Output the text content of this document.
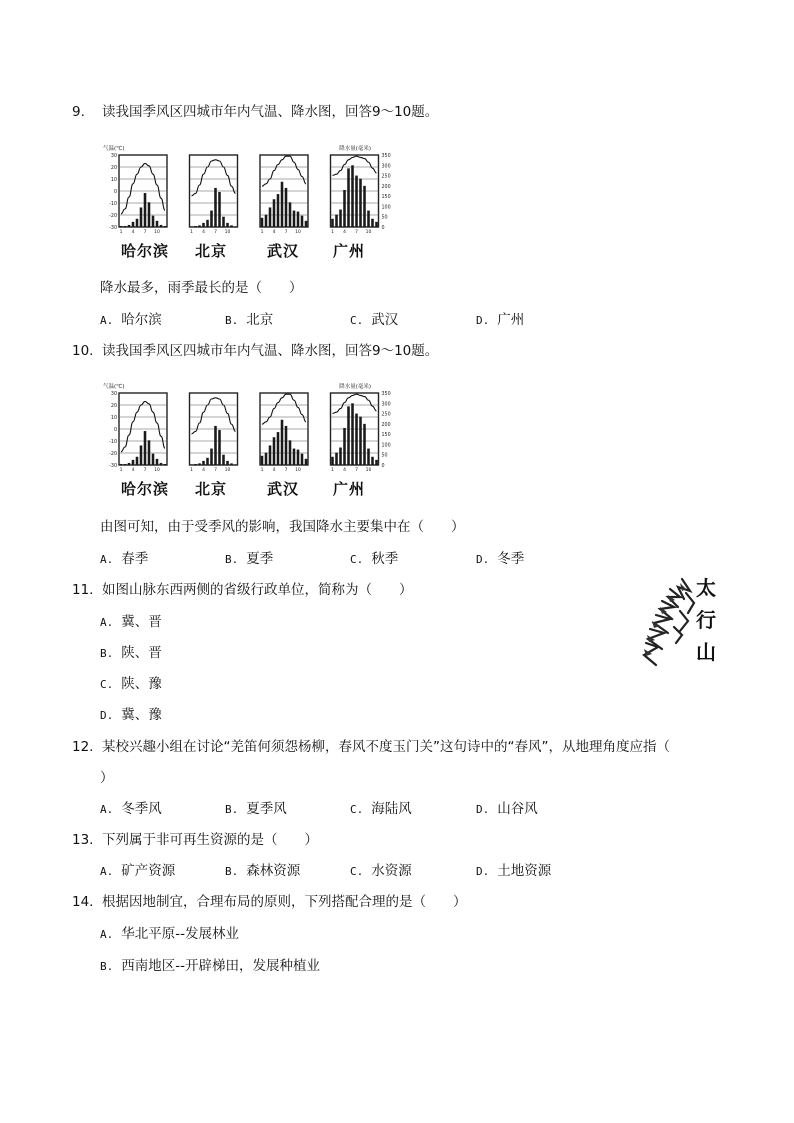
9. 读我国季风区四城市年内气温、降水图，回答9～10题。
气温(℃)	降水量(毫米)
1 4 7 10	1 4 7 10	1 4 7 10	1 4 7 10
30
20
10
0
-10
-20
-30
350
300
250
200
150
100
50
0
哈尔滨 北京	武汉 广州
降水最多，雨季最长的是（　　）
A. 哈尔滨	B. 北京	C. 武汉	D. 广州
10. 读我国季风区四城市年内气温、降水图，回答9～10题。
气温(℃)	降水量(毫米)
1 4 7 10	1 4 7 10	1 4 7 10	1 4 7 10
30
20
10
0
-10
-20
-30
350
300
250
200
150
100
50
0
哈尔滨 北京	武汉 广州
由图可知，由于受季风的影响，我国降水主要集中在（　　）
A. 春季	B. 夏季	C. 秋季	D. 冬季
11. 如图山脉东西两侧的省级行政单位，简称为（　　）
A. 冀、晋
B. 陕、晋
C. 陕、豫
D. 冀、豫
太
行
山
12. 某校兴趣小组在讨论“羌笛何须怨杨柳，春风不度玉门关”这句诗中的“春风”，从地理角度应指（
）
A. 冬季风	B. 夏季风	C. 海陆风	D. 山谷风
13. 下列属于非可再生资源的是（　　）
A. 矿产资源	B. 森林资源	C. 水资源	D. 土地资源
14. 根据因地制宜，合理布局的原则，下列搭配合理的是（　　）
A. 华北平原--发展林业
B. 西南地区--开辟梯田，发展种植业
